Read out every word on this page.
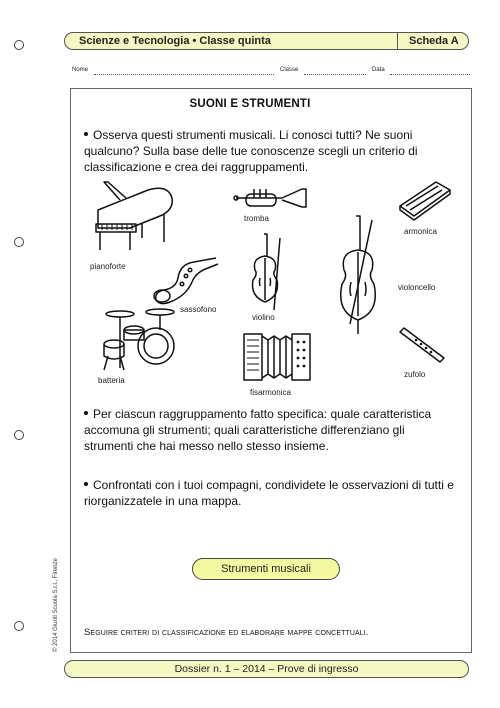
Scienze e Tecnologia • Classe quinta	Scheda A
Nome	Classe	Data
SUONI E STRUMENTI
Osserva questi strumenti musicali. Li conosci tutti? Ne suoni qualcuno? Sulla base delle tue conoscenze scegli un criterio di classificazione e crea dei raggruppamenti.
pianoforte
tromba
armonica
violoncello
sassofono
violino
batteria
fisarmonica
zufolo
Per ciascun raggruppamento fatto specifica: quale caratteristica accomuna gli strumenti; quali caratteristiche differenziano gli strumenti che hai messo nello stesso insieme.
Confrontati con i tuoi compagni, condividete le osservazioni di tutti e riorganizzatele in una mappa.
Strumenti musicali
Seguire criteri di classificazione ed elaborare mappe concettuali.
Dossier n. 1 – 2014 – Prove di ingresso
© 2014 Giunti Scuola S.r.l., Firenze
